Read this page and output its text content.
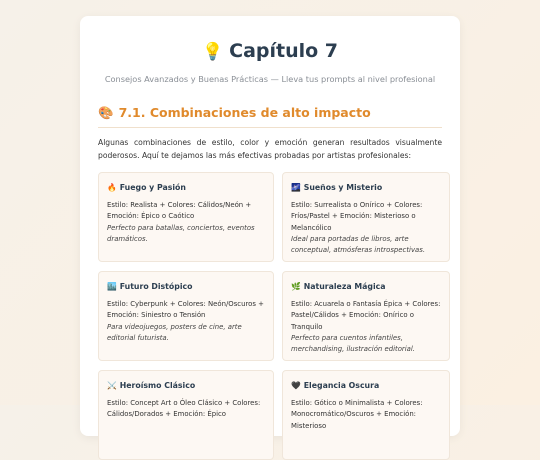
💡 Capítulo 7
Consejos Avanzados y Buenas Prácticas — Lleva tus prompts al nivel profesional
🎨 7.1. Combinaciones de alto impacto

Algunas combinaciones de estilo, color y emoción generan resultados visualmente poderosos. Aquí te dejamos las más efectivas probadas por artistas profesionales:

🔥 Fuego y Pasión
Estilo: Realista + Colores: Cálidos/Neón + Emoción: Épico o Caótico
Perfecto para batallas, conciertos, eventos dramáticos.
🌌 Sueños y Misterio
Estilo: Surrealista o Onírico + Colores: Fríos/Pastel + Emoción: Misterioso o Melancólico
Ideal para portadas de libros, arte conceptual, atmósferas introspectivas.
🏙️ Futuro Distópico
Estilo: Cyberpunk + Colores: Neón/Oscuros + Emoción: Siniestro o Tensión
Para videojuegos, posters de cine, arte editorial futurista.
🌿 Naturaleza Mágica
Estilo: Acuarela o Fantasía Épica + Colores: Pastel/Cálidos + Emoción: Onírico o Tranquilo
Perfecto para cuentos infantiles, merchandising, ilustración editorial.
⚔️ Heroísmo Clásico
Estilo: Concept Art o Óleo Clásico + Colores: Cálidos/Dorados + Emoción: Épico
🖤 Elegancia Oscura
Estilo: Gótico o Minimalista + Colores: Monocromático/Oscuros + Emoción: Misterioso
